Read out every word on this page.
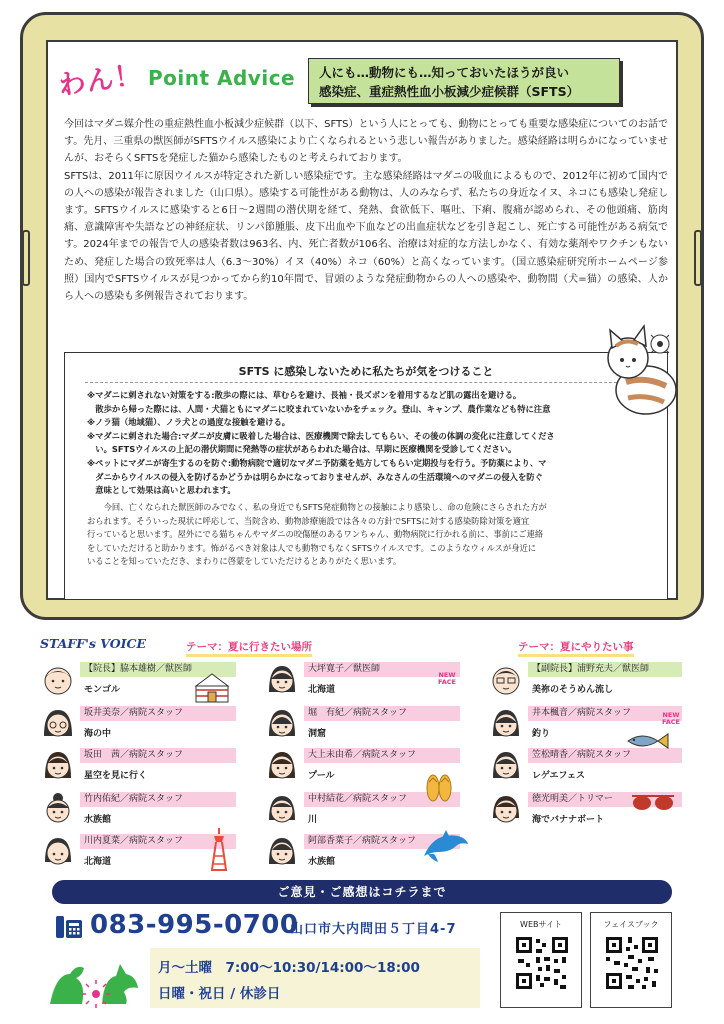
わん！ Point Advice 人にも…動物にも…知っておいたほうが良い
感染症、重症熱性血小板減少症候群（SFTS）
今回はマダニ媒介性の重症熱性血小板減少症候群（以下、SFTS）という人にとっても、動物にとっても重要な感染症についてのお話です。先月、三重県の獣医師がSFTSウイルス感染により亡くなられるという悲しい報告がありました。感染経路は明らかになっていませんが、おそらくSFTSを発症した猫から感染したものと考えられております。
SFTSは、2011年に原因ウイルスが特定された新しい感染症です。主な感染経路はマダニの吸血によるもので、2012年に初めて国内での人への感染が報告されました（山口県）。感染する可能性がある動物は、人のみならず、私たちの身近なイヌ、ネコにも感染し発症します。SFTSウイルスに感染すると6日〜2週間の潜伏期を経て、発熱、食欲低下、嘔吐、下痢、腹痛が認められ、その他頭痛、筋肉痛、意識障害や失語などの神経症状、リンパ節腫脹、皮下出血や下血などの出血症状などを引き起こし、死亡する可能性がある病気です。2024年までの報告で人の感染者数は963名、内、死亡者数が106名、治療は対症的な方法しかなく、有効な薬剤やワクチンもないため、発症した場合の致死率は人（6.3〜30%）イヌ（40%）ネコ（60%）と高くなっています。（国立感染症研究所ホームページ参照）国内でSFTSウイルスが見つかってから約10年間で、冒頭のような発症動物からの人への感染や、動物間（犬=猫）の感染、人から人への感染も多例報告されております。
SFTS に感染しないために私たちが気をつけること
※マダニに刺されない対策をする:散歩の際には、草むらを避け、長袖・長ズボンを着用するなど肌の露出を避ける。
　散歩から帰った際には、人間・犬猫ともにマダニに咬まれていないかをチェック。登山、キャンプ、農作業なども特に注意
※ノラ猫（地域猫）、ノラ犬との過度な接触を避ける。
※マダニに刺された場合:マダニが皮膚に吸着した場合は、医療機関で除去してもらい、その後の体調の変化に注意してくださ
　い。SFTSウイルスの上記の潜伏期間に発熱等の症状があらわれた場合は、早期に医療機関を受診してください。
※ペットにマダニが寄生するのを防ぐ:動物病院で適切なマダニ予防薬を処方してもらい定期投与を行う。予防薬により、マ
　ダニからウイルスの侵入を防げるかどうかは明らかになっておりませんが、みなさんの生活環境へのマダニの侵入を防ぐ
　意味として効果は高いと思われます。
　　今回、亡くなられた獣医師のみでなく、私の身近でもSFTS発症動物との接触により感染し、命の危険にさらされた方が
おられます。そういった現状に呼応して、当院含め、動物診療施設では各々の方針でSFTSに対する感染防除対策を適宜
行っていると思います。屋外にでる猫ちゃんやマダニの咬傷歴のあるワンちゃん、動物病院に行かれる前に、事前にご連絡
をしていただけると助かります。怖がるべき対象は人でも動物でもなくSFTSウイルスです。このようなウィルスが身近に
いることを知っていただき、まわりに啓蒙をしていただけるとありがたく思います。
STAFF's VOICE	テーマ：夏に行きたい場所	テーマ：夏にやりたい事
【院長】脇本雄樹／獣医師
モンゴル
坂井美奈／病院スタッフ
海の中
坂田　茜／病院スタッフ
星空を見に行く
竹内佑紀／病院スタッフ
水族館
川内夏菜／病院スタッフ
北海道
大坪寛子／獣医師
北海道
NEW FACE
堀　有紀／病院スタッフ
洞窟
大上未由希／病院スタッフ
プール
中村結花／病院スタッフ
川
阿部香菜子／病院スタッフ
水族館
【副院長】浦野充夫／獣医師
美祢のそうめん流し
井本楓音／病院スタッフ
釣り
NEW FACE
笠松晴香／病院スタッフ
レゲエフェス
徳光明美／トリマー
海でバナナボート
ご意見・ご感想はコチラまで
083-995-0700
山口市大内問田５丁目4-7
月〜土曜　7:00〜10:30/14:00〜18:00
日曜・祝日 / 休診日
WEBサイト	フェイスブック
